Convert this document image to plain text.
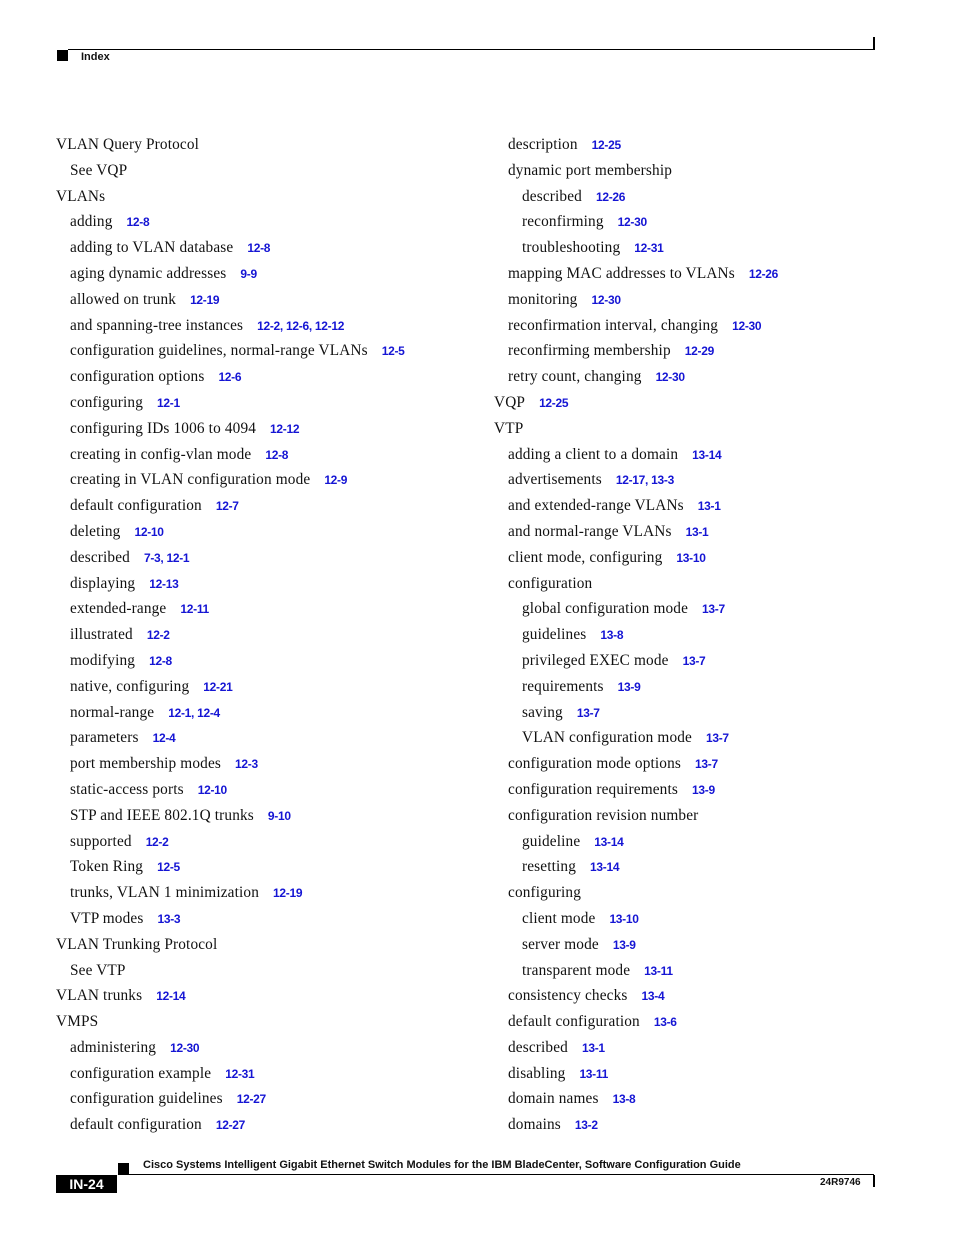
Index
VLAN Query Protocol
See VQP
VLANs
adding 12-8
adding to VLAN database 12-8
aging dynamic addresses 9-9
allowed on trunk 12-19
and spanning-tree instances 12-2, 12-6, 12-12
configuration guidelines, normal-range VLANs 12-5
configuration options 12-6
configuring 12-1
configuring IDs 1006 to 4094 12-12
creating in config-vlan mode 12-8
creating in VLAN configuration mode 12-9
default configuration 12-7
deleting 12-10
described 7-3, 12-1
displaying 12-13
extended-range 12-11
illustrated 12-2
modifying 12-8
native, configuring 12-21
normal-range 12-1, 12-4
parameters 12-4
port membership modes 12-3
static-access ports 12-10
STP and IEEE 802.1Q trunks 9-10
supported 12-2
Token Ring 12-5
trunks, VLAN 1 minimization 12-19
VTP modes 13-3
VLAN Trunking Protocol
See VTP
VLAN trunks 12-14
VMPS
administering 12-30
configuration example 12-31
configuration guidelines 12-27
default configuration 12-27
description 12-25
dynamic port membership
described 12-26
reconfirming 12-30
troubleshooting 12-31
mapping MAC addresses to VLANs 12-26
monitoring 12-30
reconfirmation interval, changing 12-30
reconfirming membership 12-29
retry count, changing 12-30
VQP 12-25
VTP
adding a client to a domain 13-14
advertisements 12-17, 13-3
and extended-range VLANs 13-1
and normal-range VLANs 13-1
client mode, configuring 13-10
configuration
global configuration mode 13-7
guidelines 13-8
privileged EXEC mode 13-7
requirements 13-9
saving 13-7
VLAN configuration mode 13-7
configuration mode options 13-7
configuration requirements 13-9
configuration revision number
guideline 13-14
resetting 13-14
configuring
client mode 13-10
server mode 13-9
transparent mode 13-11
consistency checks 13-4
default configuration 13-6
described 13-1
disabling 13-11
domain names 13-8
domains 13-2
Cisco Systems Intelligent Gigabit Ethernet Switch Modules for the IBM BladeCenter, Software Configuration Guide
IN-24	24R9746
